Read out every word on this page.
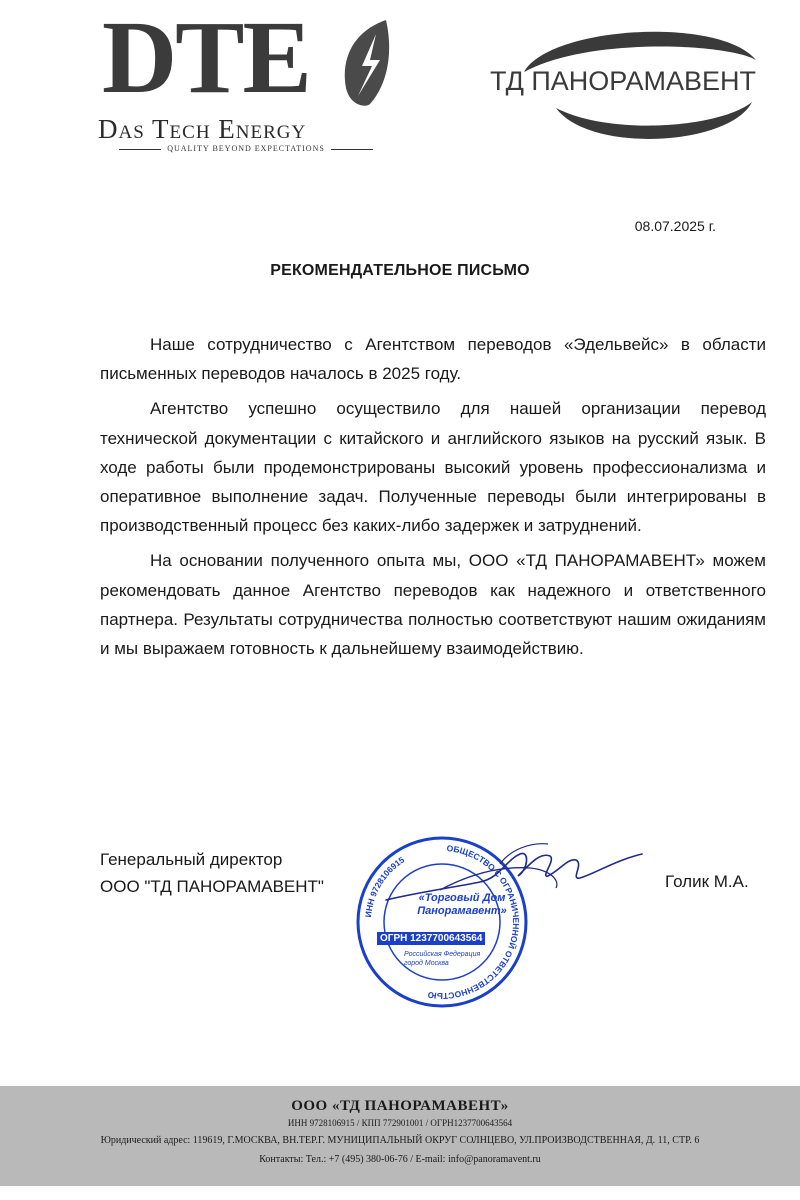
DTE
Das Tech Energy
QUALITY BEYOND EXPECTATIONS
ТД ПАНОРАМАВЕНТ
08.07.2025 г.
РЕКОМЕНДАТЕЛЬНОЕ ПИСЬМО

Наше сотрудничество с Агентством переводов «Эдельвейс» в области письменных переводов началось в 2025 году.

Агентство успешно осуществило для нашей организации перевод технической документации с китайского и английского языков на русский язык. В ходе работы были продемонстрированы высокий уровень профессионализма и оперативное выполнение задач. Полученные переводы были интегрированы в производственный процесс без каких-либо задержек и затруднений.

На основании полученного опыта мы, ООО «ТД ПАНОРАМАВЕНТ» можем рекомендовать данное Агентство переводов как надежного и ответственного партнера. Результаты сотрудничества полностью соответствуют нашим ожиданиям и мы выражаем готовность к дальнейшему взаимодействию.

Генеральный директор
ООО "ТД ПАНОРАМАВЕНТ"	Голик М.А.
ОБЩЕСТВО С ОГРАНИЧЕННОЙ ОТВЕТСТВЕННОСТЬЮ
ИНН 9728106915
«Торговый Дом
Панорамавент»
ОГРН 1237700643564
Российская Федерация
город Москва
ООО «ТД ПАНОРАМАВЕНТ»
ИНН 9728106915 / КПП 772901001 / ОГРН1237700643564
Юридический адрес: 119619, Г.МОСКВА, ВН.ТЕР.Г. МУНИЦИПАЛЬНЫЙ ОКРУГ СОЛНЦЕВО, УЛ.ПРОИЗВОДСТВЕННАЯ, Д. 11, СТР. 6
Контакты: Тел.: +7 (495) 380-06-76 / E-mail: info@panoramavent.ru
